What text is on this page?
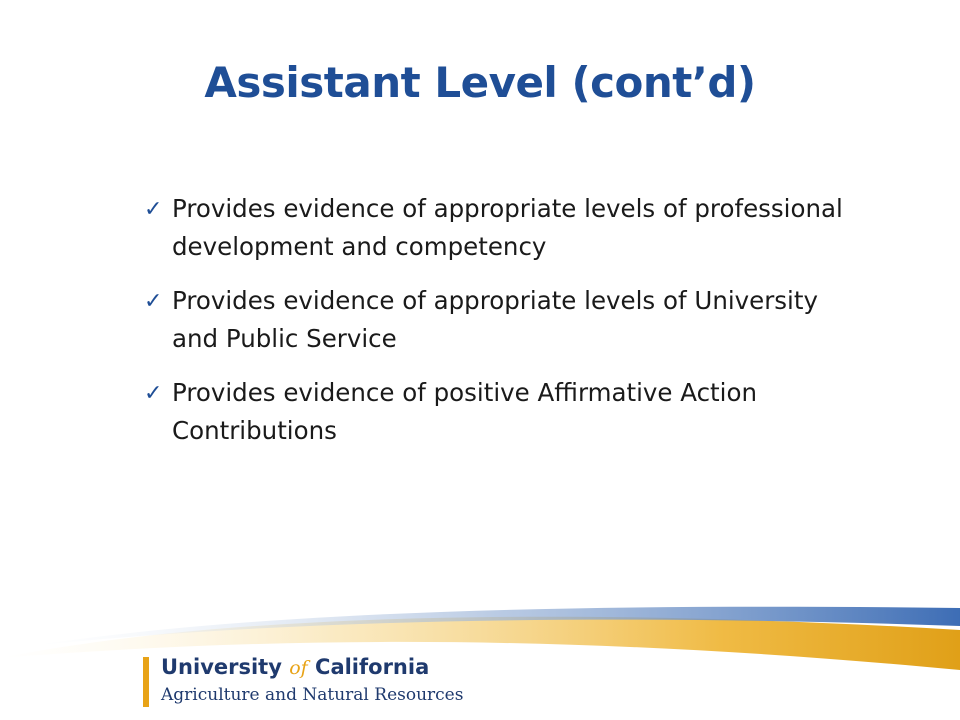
Assistant Level (cont’d)
✓ Provides evidence of appropriate levels of professional development and competency
✓ Provides evidence of appropriate levels of University and Public Service
✓ Provides evidence of positive Affirmative Action Contributions
University of California
Agriculture and Natural Resources
